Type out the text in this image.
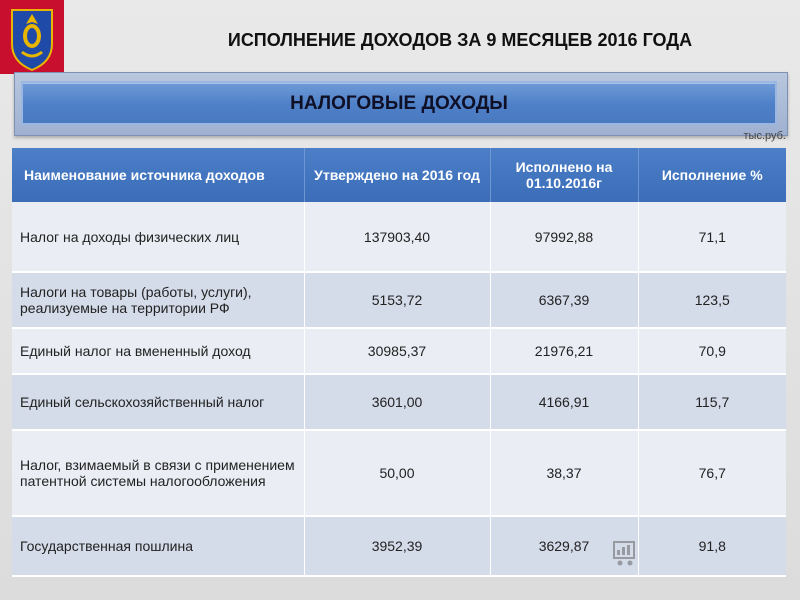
ИСПОЛНЕНИЕ ДОХОДОВ ЗА 9 МЕСЯЦЕВ 2016 ГОДА
НАЛОГОВЫЕ ДОХОДЫ
тыс.руб.
Наименование источника доходов	Утверждено на 2016 год	Исполнено на 01.10.2016г	Исполнение %
Налог на доходы физических лиц	137903,40	97992,88	71,1
Налоги на товары (работы, услуги), реализуемые на территории РФ	5153,72	6367,39	123,5
Единый налог на вмененный доход	30985,37	21976,21	70,9
Единый сельскохозяйственный налог	3601,00	4166,91	115,7
Налог, взимаемый в связи с применением патентной системы налогообложения	50,00	38,37	76,7
Государственная пошлина	3952,39	3629,87	91,8
